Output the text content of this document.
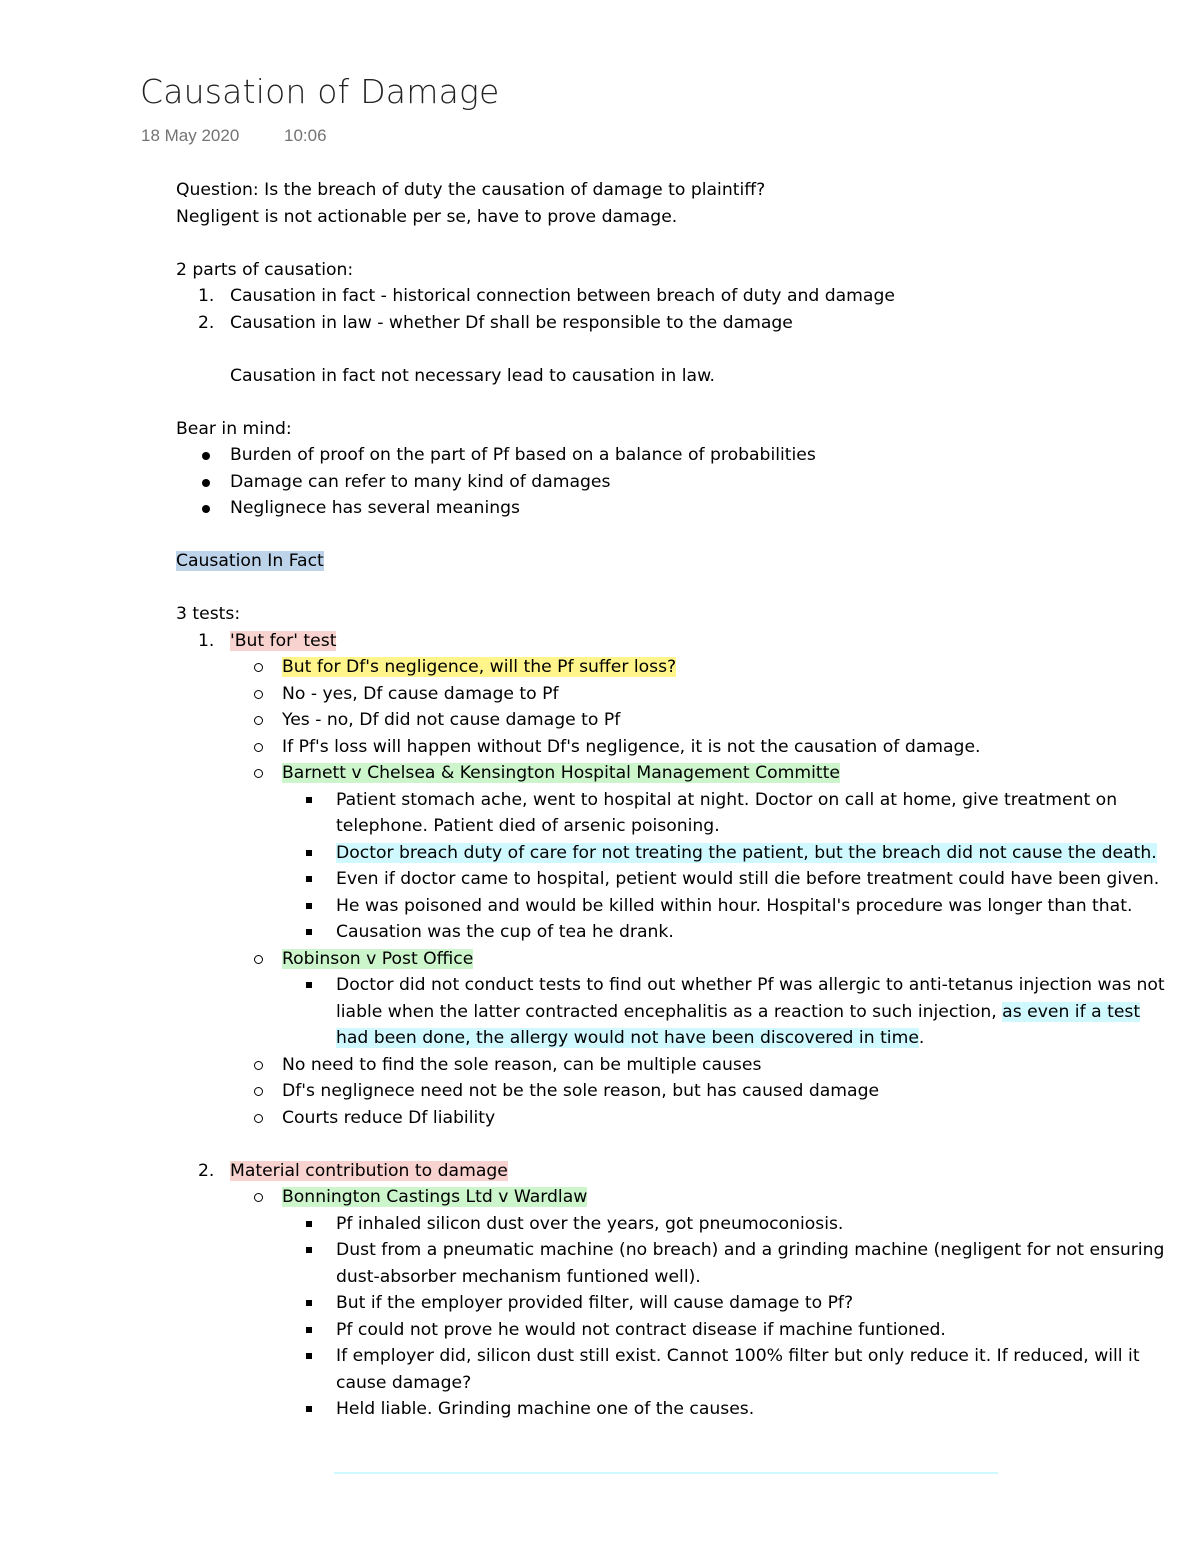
Causation of Damage
18 May 2020	10:06

Question: Is the breach of duty the causation of damage to plaintiff?

Negligent is not actionable per se, have to prove damage.

2 parts of causation:

1. Causation in fact - historical connection between breach of duty and damage
2. Causation in law - whether Df shall be responsible to the damage

Causation in fact not necessary lead to causation in law.

Bear in mind:

Burden of proof on the part of Pf based on a balance of probabilities
Damage can refer to many kind of damages
Neglignece has several meanings

Causation In Fact

3 tests:

1. 'But for' test
But for Df's negligence, will the Pf suffer loss?
No - yes, Df cause damage to Pf
Yes - no, Df did not cause damage to Pf
If Pf's loss will happen without Df's negligence, it is not the causation of damage.
Barnett v Chelsea & Kensington Hospital Management Committe
Patient stomach ache, went to hospital at night. Doctor on call at home, give treatment on telephone. Patient died of arsenic poisoning.
Doctor breach duty of care for not treating the patient, but the breach did not cause the death.
Even if doctor came to hospital, petient would still die before treatment could have been given.
He was poisoned and would be killed within hour. Hospital's procedure was longer than that.
Causation was the cup of tea he drank.
Robinson v Post Office
Doctor did not conduct tests to find out whether Pf was allergic to anti-tetanus injection was not liable when the latter contracted encephalitis as a reaction to such injection, as even if a test had been done, the allergy would not have been discovered in time.
No need to find the sole reason, can be multiple causes
Df's neglignece need not be the sole reason, but has caused damage
Courts reduce Df liability
2. Material contribution to damage
Bonnington Castings Ltd v Wardlaw
Pf inhaled silicon dust over the years, got pneumoconiosis.
Dust from a pneumatic machine (no breach) and a grinding machine (negligent for not ensuring dust-absorber mechanism funtioned well).
But if the employer provided filter, will cause damage to Pf?
Pf could not prove he would not contract disease if machine funtioned.
If employer did, silicon dust still exist. Cannot 100% filter but only reduce it. If reduced, will it cause damage?
Held liable. Grinding machine one of the causes.
